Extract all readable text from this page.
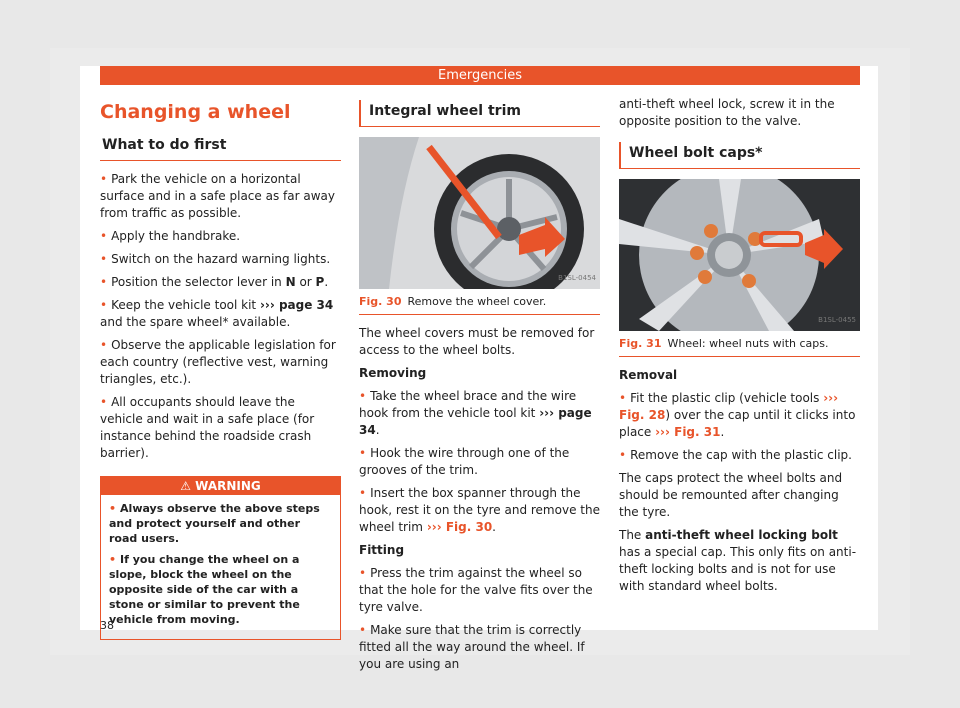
Emergencies
Changing a wheel
What to do first
• Park the vehicle on a horizontal surface and in a safe place as far away from traffic as possible.
• Apply the handbrake.
• Switch on the hazard warning lights.
• Position the selector lever in N or P.
• Keep the vehicle tool kit ››› page 34 and the spare wheel* available.
• Observe the applicable legislation for each country (reflective vest, warning triangles, etc.).
• All occupants should leave the vehicle and wait in a safe place (for instance behind the roadside crash barrier).
⚠ WARNING
• Always observe the above steps and protect yourself and other road users.
• If you change the wheel on a slope, block the wheel on the opposite side of the car with a stone or similar to prevent the vehicle from moving.
Integral wheel trim
B1SL-0454
Fig. 30 Remove the wheel cover.
The wheel covers must be removed for access to the wheel bolts.
Removing
• Take the wheel brace and the wire hook from the vehicle tool kit ››› page 34.
• Hook the wire through one of the grooves of the trim.
• Insert the box spanner through the hook, rest it on the tyre and remove the wheel trim ››› Fig. 30.
Fitting
• Press the trim against the wheel so that the hole for the valve fits over the tyre valve.
• Make sure that the trim is correctly fitted all the way around the wheel. If you are using an
anti-theft wheel lock, screw it in the opposite position to the valve.
Wheel bolt caps*
B1SL-0455
Fig. 31 Wheel: wheel nuts with caps.
Removal
• Fit the plastic clip (vehicle tools ››› Fig. 28) over the cap until it clicks into place ››› Fig. 31.
• Remove the cap with the plastic clip.
The caps protect the wheel bolts and should be remounted after changing the tyre.
The anti-theft wheel locking bolt has a special cap. This only fits on anti-theft locking bolts and is not for use with standard wheel bolts.
38
